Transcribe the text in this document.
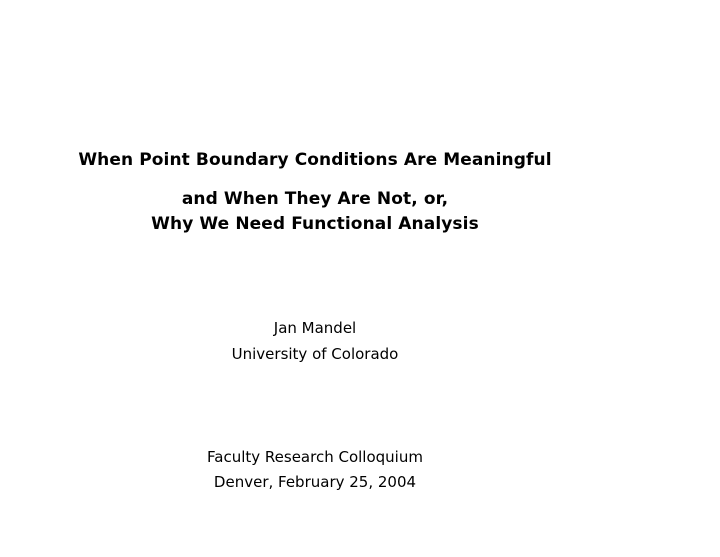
When Point Boundary Conditions Are Meaningful
and When They Are Not, or,
Why We Need Functional Analysis
Jan Mandel
University of Colorado
Faculty Research Colloquium
Denver, February 25, 2004
